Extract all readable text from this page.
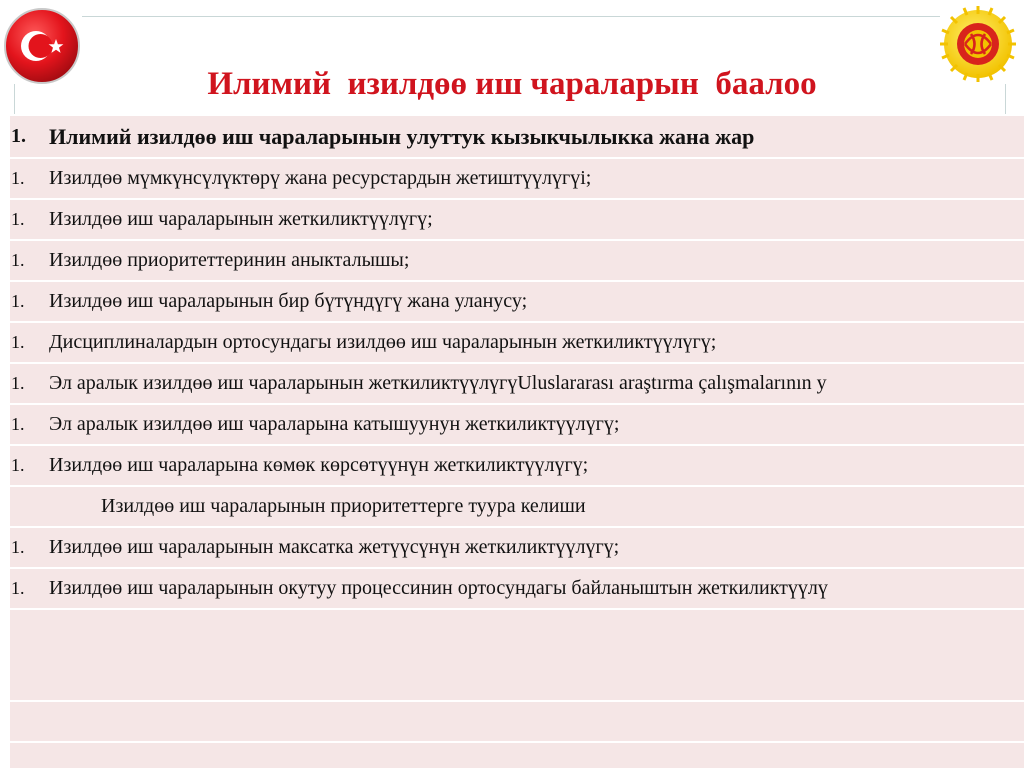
Илимий  изилдөө иш чараларын  баалоо
1.	Илимий изилдөө иш чараларынын улуттук кызыкчылыкка жана жар
1.	Изилдөө мүмкүнсүлүктөрү жана ресурстардын жетиштүүлүгүi;
1.	Изилдөө иш чараларынын жеткиликтүүлүгү;
1.	Изилдөө приоритеттеринин аныкталышы;
1.	Изилдөө иш чараларынын бир бүтүндүгү жана уланусу;
1.	Дисциплиналардын ортосундагы изилдөө иш чараларынын жеткиликтүүлүгү;
1.	Эл аралык изилдөө иш чараларынын жеткиликтүүлүгүUluslararası araştırma çalışmalarının y
1.	Эл аралык изилдөө иш чараларына катышуунун жеткиликтүүлүгү;
1.	Изилдөө иш чараларына көмөк көрсөтүүнүн жеткиликтүүлүгү;
Изилдөө иш чараларынын приоритеттерге туура келиши
1.	Изилдөө иш чараларынын максатка жетүүсүнүн жеткиликтүүлүгү;
1.	Изилдөө иш чараларынын окутуу процессинин ортосундагы байланыштын жеткиликтүүлү
